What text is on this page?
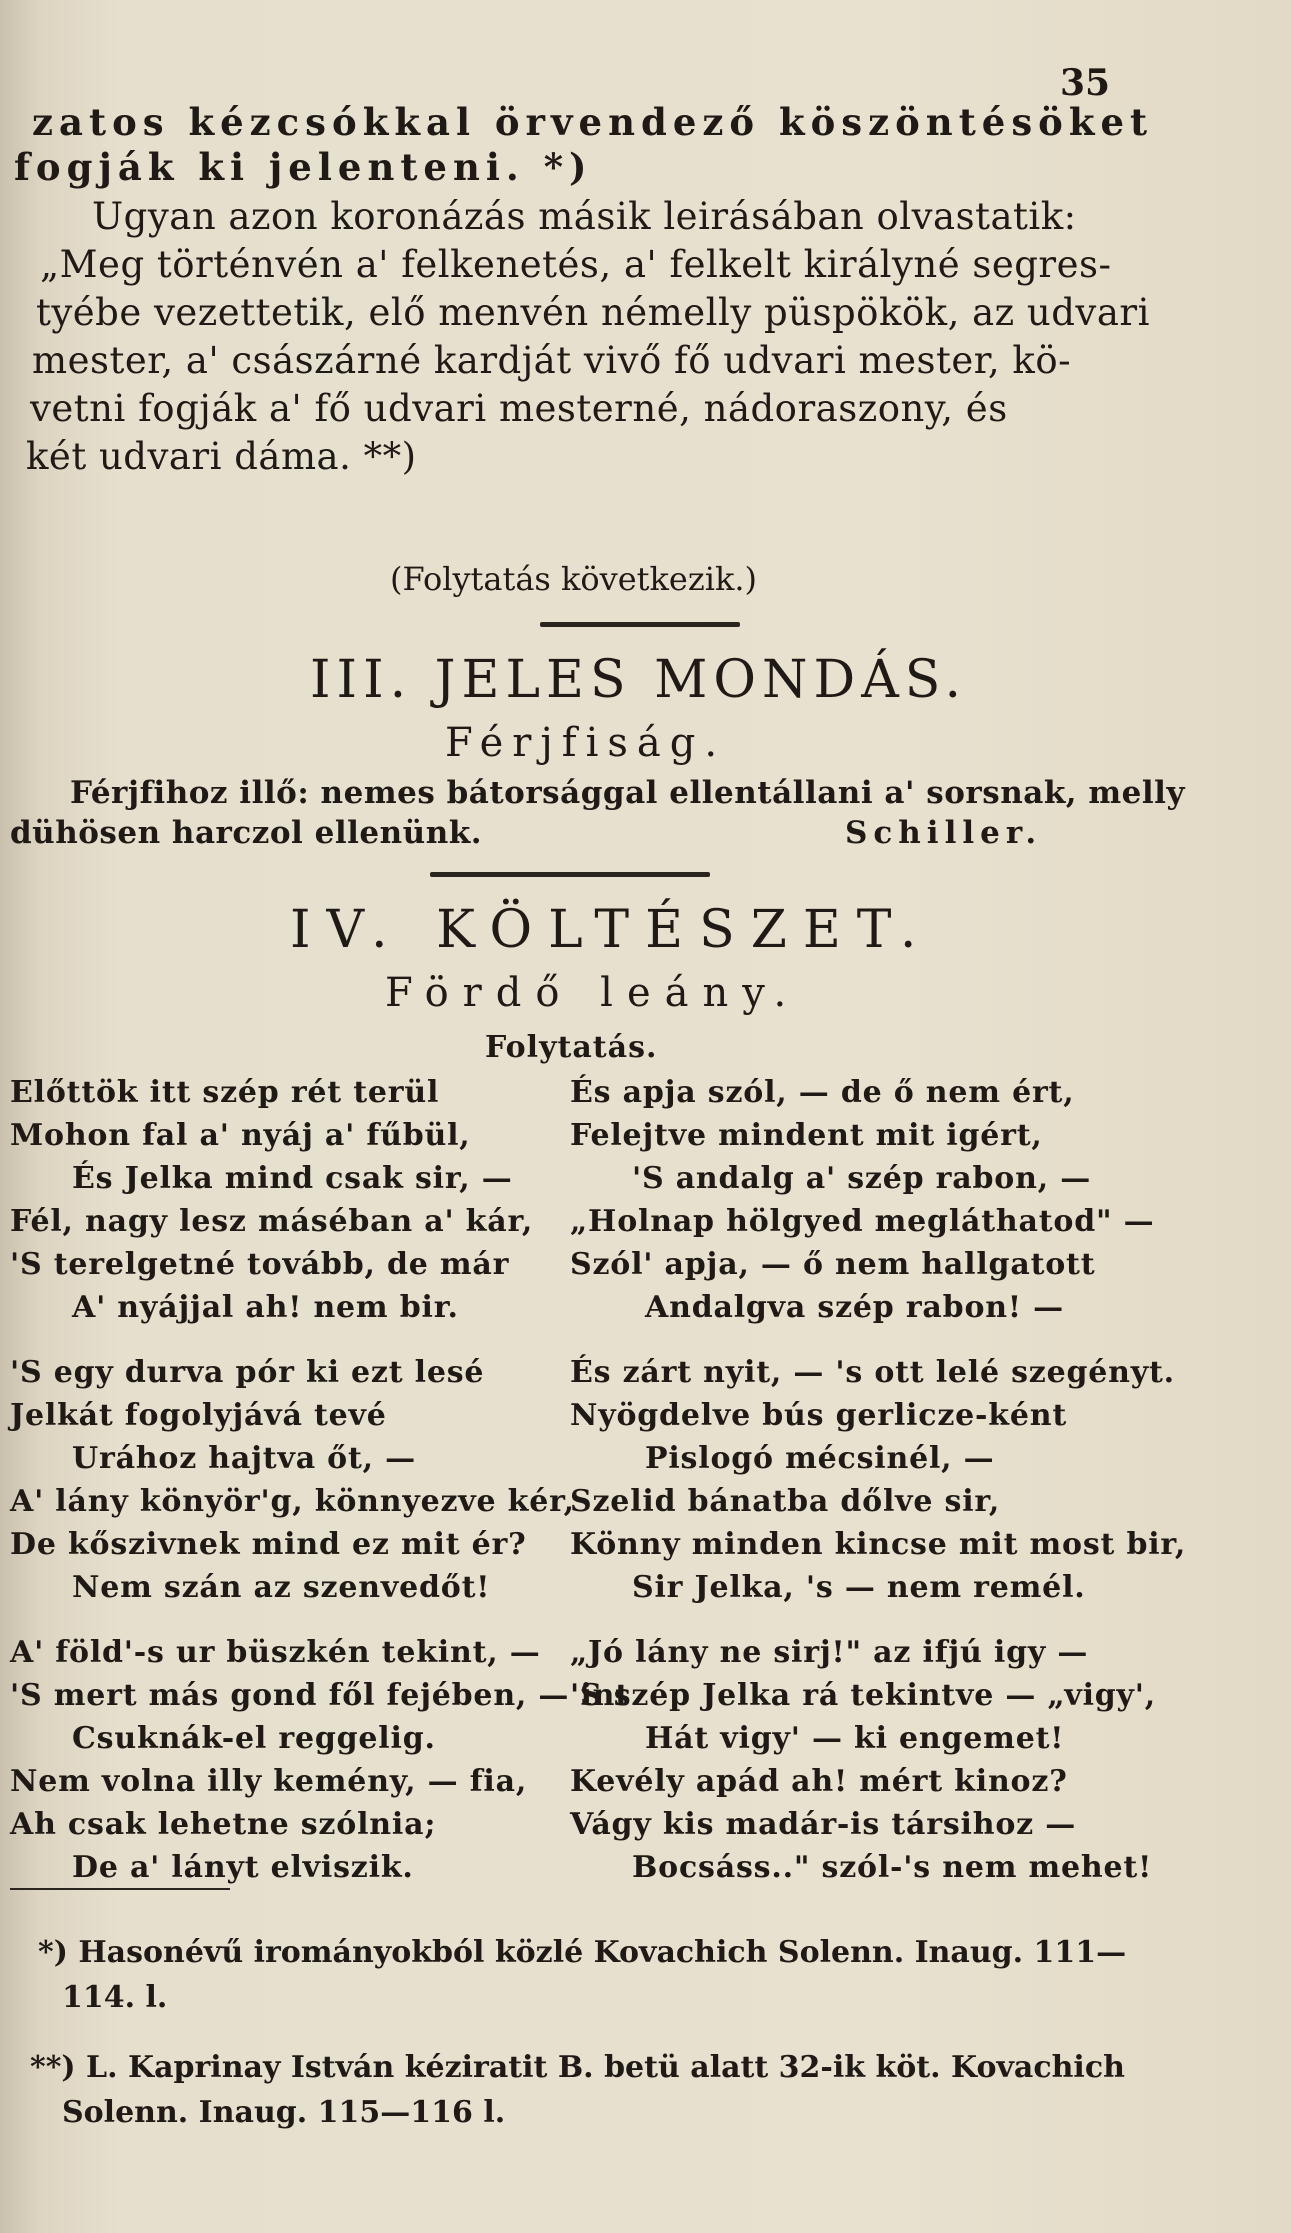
35
zatos kézcsókkal örvendező köszöntésöket
fogják ki jelenteni. *)
Ugyan azon koronázás másik leirásában olvastatik:
„Meg történvén a' felkenetés, a' felkelt királyné segres-
tyébe vezettetik, elő menvén némelly püspökök, az udvari
mester, a' császárné kardját vivő fő udvari mester, kö-
vetni fogják a' fő udvari mesterné, nádoraszony, és
két udvari dáma. **)
(Folytatás következik.)
III. JELES MONDÁS.
Férjfiság.
Férjfihoz illő: nemes bátorsággal ellentállani a' sorsnak, melly
dühösen harczol ellenünk.	Schiller.
IV. KÖLTÉSZET.
Fördő leány.
Folytatás.
Előttök itt szép rét terül
Mohon fal a' nyáj a' fűbül,
És Jelka mind csak sir, —
Fél, nagy lesz máséban a' kár,
'S terelgetné tovább, de már
A' nyájjal ah! nem bir.
'S egy durva pór ki ezt lesé
Jelkát fogolyjává tevé
Urához hajtva őt, —
A' lány könyör'g, könnyezve kér,
De kőszivnek mind ez mit ér?
Nem szán az szenvedőt!
A' föld'-s ur büszkén tekint, —
'S mert más gond fől fejében, — int
Csuknák-el reggelig.
Nem volna illy kemény, — fia,
Ah csak lehetne szólnia;
De a' lányt elviszik.
És apja szól, — de ő nem ért,
Felejtve mindent mit igért,
'S andalg a' szép rabon, —
„Holnap hölgyed megláthatod" —
Szól' apja, — ő nem hallgatott
Andalgva szép rabon! —
És zárt nyit, — 's ott lelé szegényt.
Nyögdelve bús gerlicze-ként
Pislogó mécsinél, —
Szelid bánatba dőlve sir,
Könny minden kincse mit most bir,
Sir Jelka, 's — nem remél.
„Jó lány ne sirj!" az ifjú igy —
'S szép Jelka rá tekintve — „vigy',
Hát vigy' — ki engemet!
Kevély apád ah! mért kinoz?
Vágy kis madár-is társihoz —
Bocsáss.." szól-'s nem mehet!
*) Hasonévű irományokból közlé Kovachich Solenn. Inaug. 111—
114. l.
**) L. Kaprinay István kéziratit B. betü alatt 32-ik köt. Kovachich
Solenn. Inaug. 115—116 l.
